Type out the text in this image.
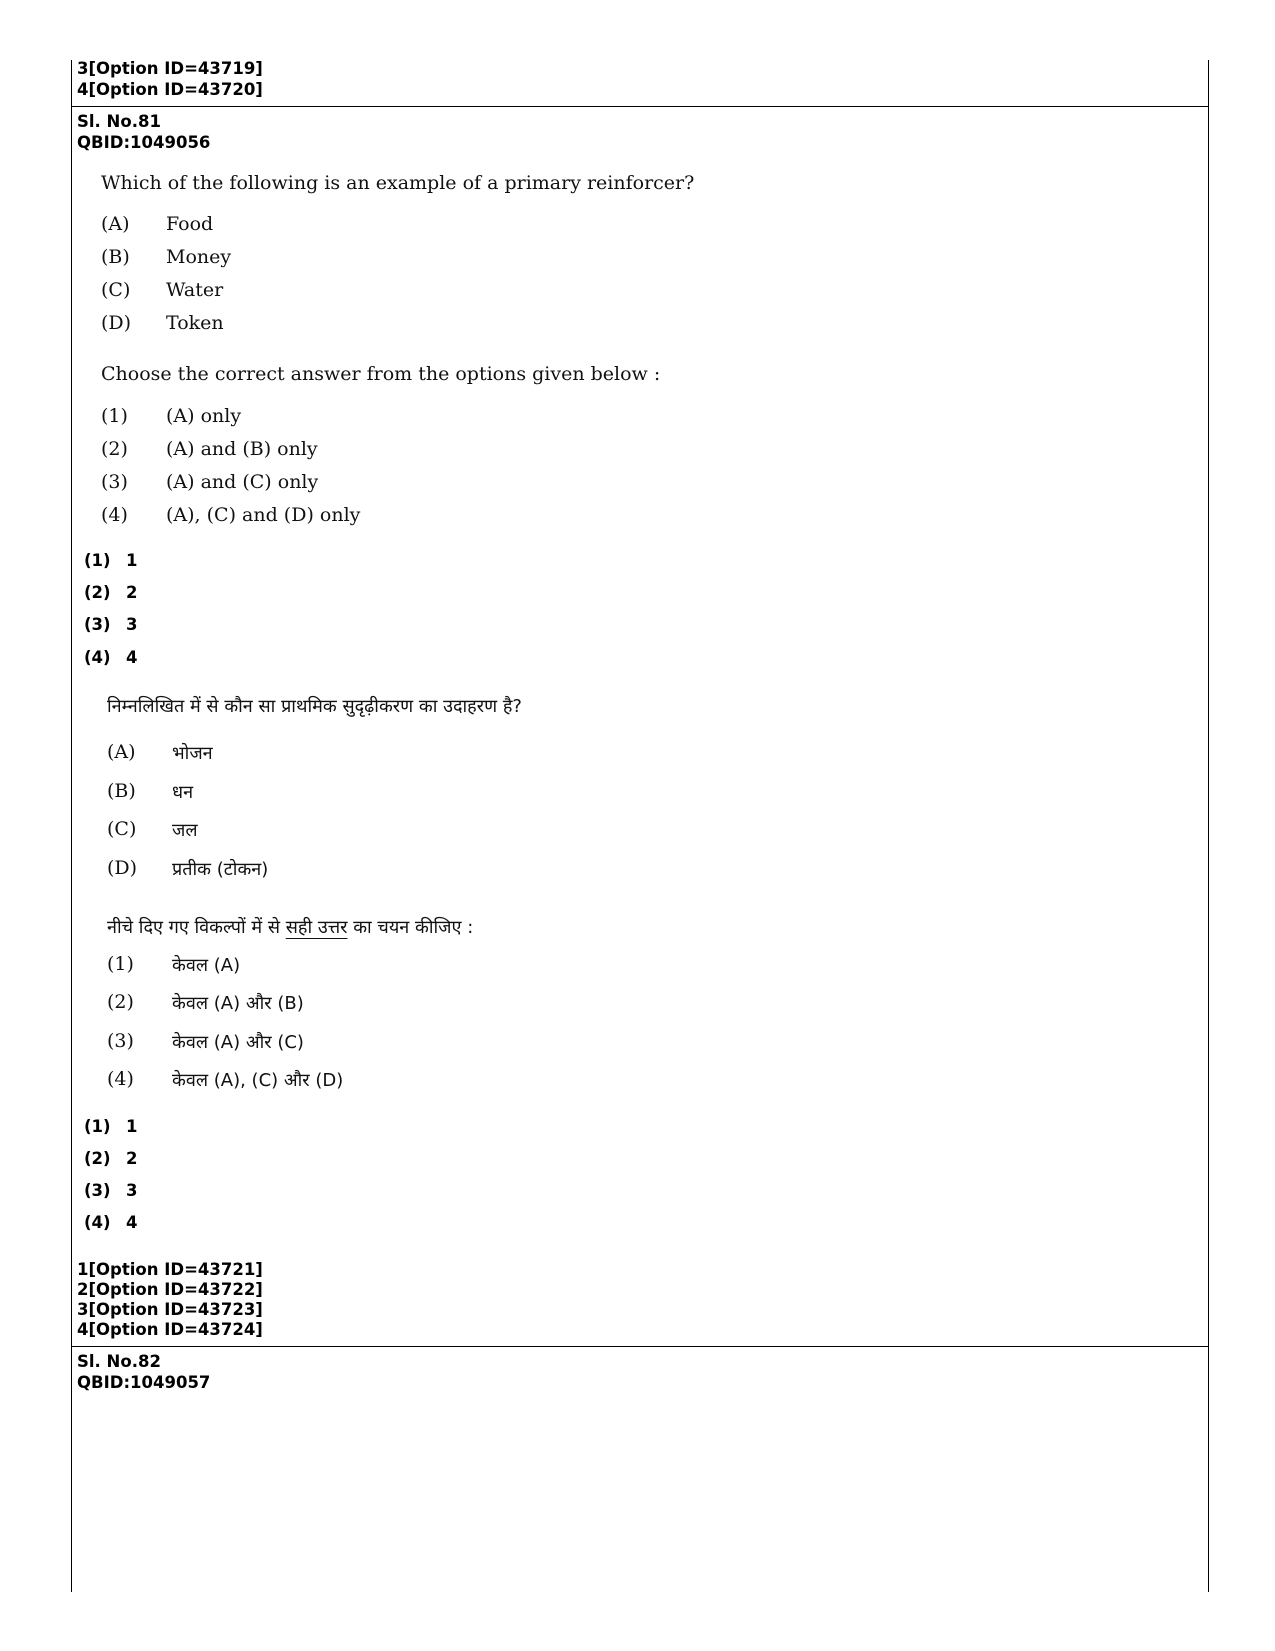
3[Option ID=43719]
4[Option ID=43720]
Sl. No.81
QBID:1049056
Which of the following is an example of a primary reinforcer?
(A) Food
(B) Money
(C) Water
(D) Token
Choose the correct answer from the options given below :
(1) (A) only
(2) (A) and (B) only
(3) (A) and (C) only
(4) (A), (C) and (D) only
(1) 1
(2) 2
(3) 3
(4) 4
निम्नलिखित में से कौन सा प्राथमिक सुदृढ़ीकरण का उदाहरण है?
(A) भोजन
(B) धन
(C) जल
(D) प्रतीक (टोकन)
नीचे दिए गए विकल्पों में से सही उत्तर का चयन कीजिए :
(1) केवल (A)
(2) केवल (A) और (B)
(3) केवल (A) और (C)
(4) केवल (A), (C) और (D)
(1) 1
(2) 2
(3) 3
(4) 4
1[Option ID=43721]
2[Option ID=43722]
3[Option ID=43723]
4[Option ID=43724]
Sl. No.82
QBID:1049057
